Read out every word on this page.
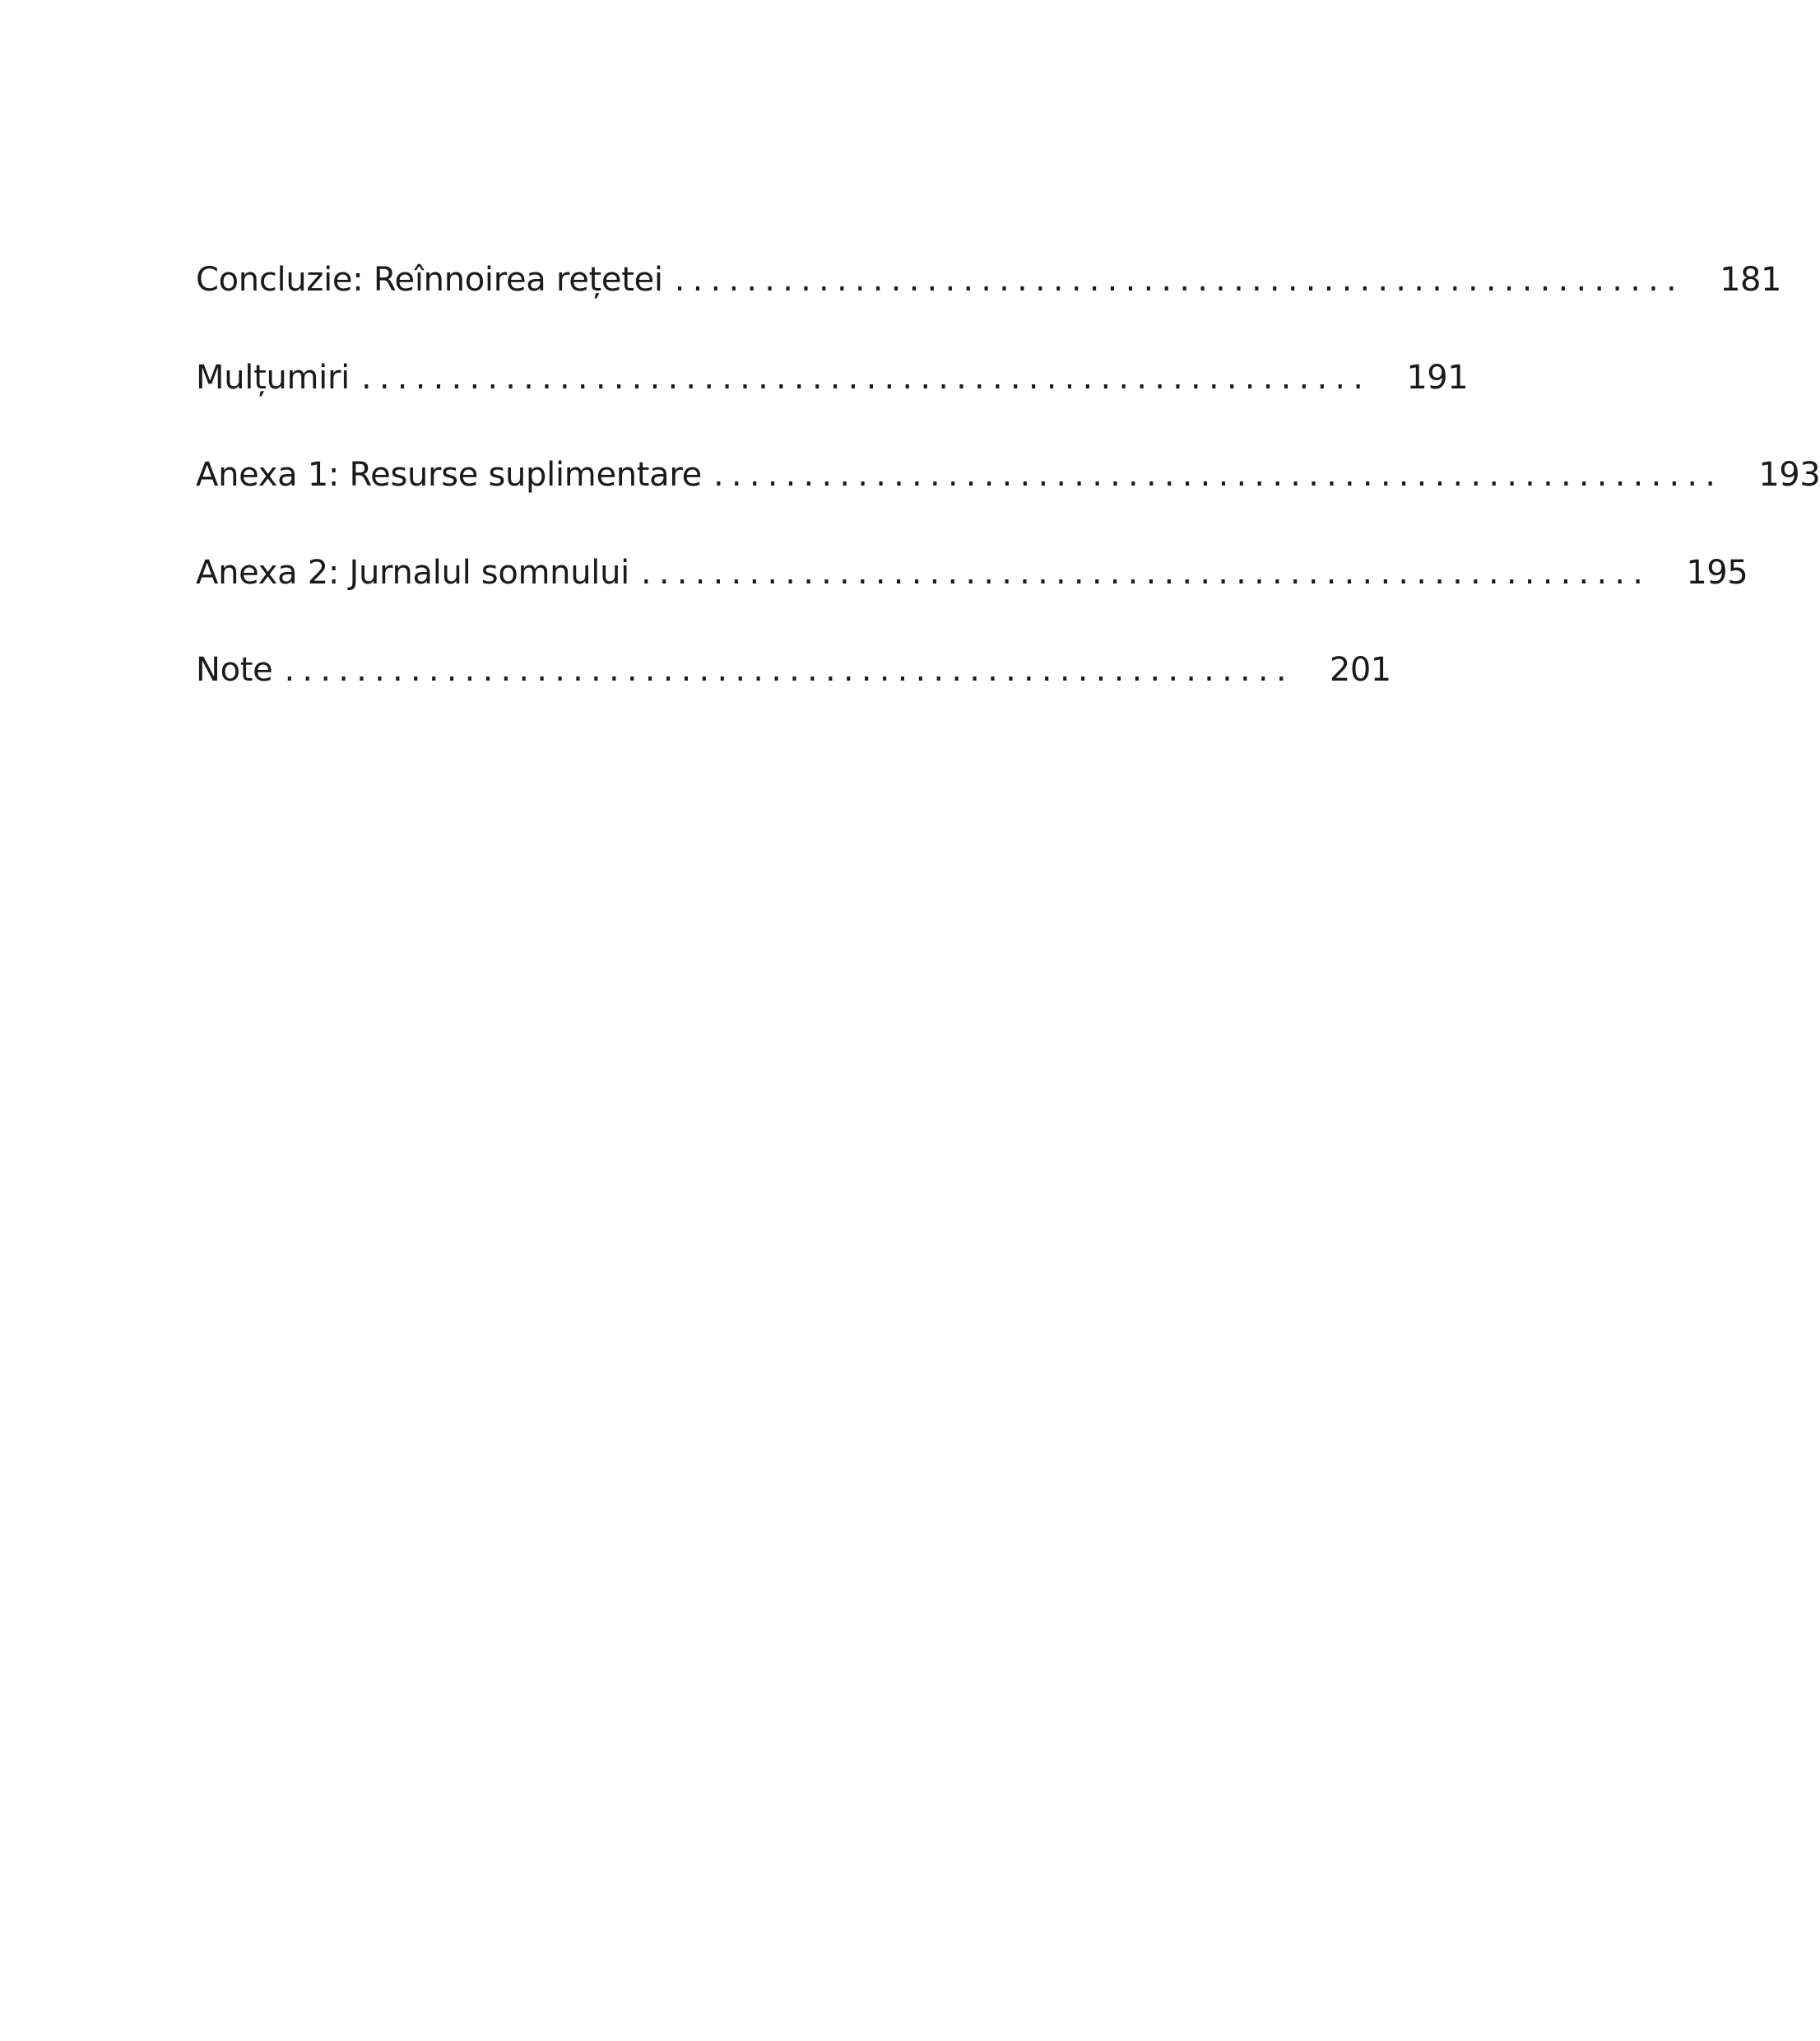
Concluzie: Reînnoirea rețetei ........................................................	181
Mulțumiri ........................................................	191
Anexa 1: Resurse suplimentare ........................................................	193
Anexa 2: Jurnalul somnului ........................................................	195
Note ........................................................	201
